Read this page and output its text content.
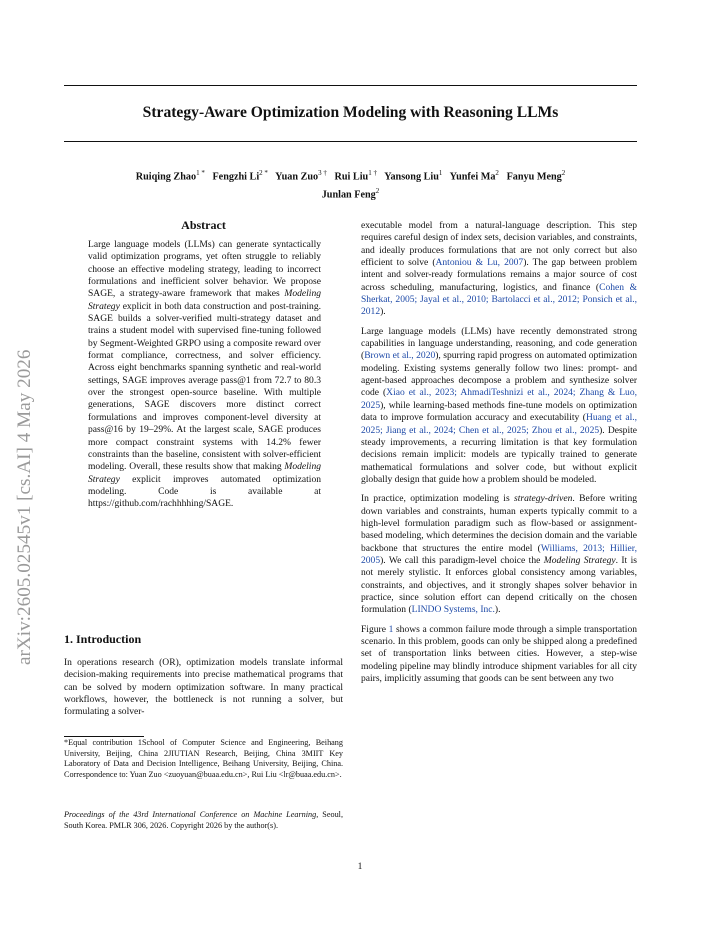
arXiv:2605.02545v1 [cs.AI] 4 May 2026
Strategy-Aware Optimization Modeling with Reasoning LLMs
Ruiqing Zhao$^{1 *}$ Fengzhi $Li^{2 *}$ Yuan Zuo$^{3 \dagger}$ Rui Liu$^{1 \dagger}$ Yansong Liu$^1$ Yunfei Ma$^2$ Fanyu Meng$^2$
Junlan Feng$^2$
Abstract
Large language models (LLMs) can generate syntactically valid optimization programs, yet often struggle to reliably choose an effective modeling strategy, leading to incorrect formulations and inefficient solver behavior. We propose SAGE, a strategy-aware framework that makes Modeling Strategy explicit in both data construction and post-training. SAGE builds a solver-verified multi-strategy dataset and trains a student model with supervised fine-tuning followed by Segment-Weighted GRPO using a composite reward over format compliance, correctness, and solver efficiency. Across eight benchmarks spanning synthetic and real-world settings, SAGE improves average pass@1 from 72.7 to 80.3 over the strongest open-source baseline. With multiple generations, SAGE discovers more distinct correct formulations and improves component-level diversity at pass@16 by 19–29%. At the largest scale, SAGE produces more compact constraint systems with 14.2% fewer constraints than the baseline, consistent with solver-efficient modeling. Overall, these results show that making Modeling Strategy explicit improves automated optimization modeling. Code is available at https://github.com/rachhhhing/SAGE.
1. Introduction
In operations research (OR), optimization models translate informal decision-making requirements into precise mathematical programs that can be solved by modern optimization software. In many practical workflows, however, the bottleneck is not running a solver, but formulating a solver-
*Equal contribution 1School of Computer Science and Engineering, Beihang University, Beijing, China 2JIUTIAN Research, Beijing, China 3MIIT Key Laboratory of Data and Decision Intelligence, Beihang University, Beijing, China. Correspondence to: Yuan Zuo <zuoyuan@buaa.edu.cn>, Rui Liu <lr@buaa.edu.cn>.
Proceedings of the 43rd International Conference on Machine Learning, Seoul, South Korea. PMLR 306, 2026. Copyright 2026 by the author(s).

executable model from a natural-language description. This step requires careful design of index sets, decision variables, and constraints, and ideally produces formulations that are not only correct but also efficient to solve (Antoniou & Lu, 2007). The gap between problem intent and solver-ready formulations remains a major source of cost across scheduling, manufacturing, logistics, and finance (Cohen & Sherkat, 2005; Jayal et al., 2010; Bartolacci et al., 2012; Ponsich et al., 2012).

Large language models (LLMs) have recently demonstrated strong capabilities in language understanding, reasoning, and code generation (Brown et al., 2020), spurring rapid progress on automated optimization modeling. Existing systems generally follow two lines: prompt- and agent-based approaches decompose a problem and synthesize solver code (Xiao et al., 2023; AhmadiTeshnizi et al., 2024; Zhang & Luo, 2025), while learning-based methods fine-tune models on optimization data to improve formulation accuracy and executability (Huang et al., 2025; Jiang et al., 2024; Chen et al., 2025; Zhou et al., 2025). Despite steady improvements, a recurring limitation is that key formulation decisions remain implicit: models are typically trained to generate mathematical formulations and solver code, but without explicit globally design that guide how a problem should be modeled.

In practice, optimization modeling is strategy-driven. Before writing down variables and constraints, human experts typically commit to a high-level formulation paradigm such as flow-based or assignment-based modeling, which determines the decision domain and the variable backbone that structures the entire model (Williams, 2013; Hillier, 2005). We call this paradigm-level choice the Modeling Strategy. It is not merely stylistic. It enforces global consistency among variables, constraints, and objectives, and it strongly shapes solver behavior in practice, since solution effort can depend critically on the chosen formulation (LINDO Systems, Inc.).

Figure 1 shows a common failure mode through a simple transportation scenario. In this problem, goods can only be shipped along a predefined set of transportation links between cities. However, a step-wise modeling pipeline may blindly introduce shipment variables for all city pairs, implicitly assuming that goods can be sent between any two

1
